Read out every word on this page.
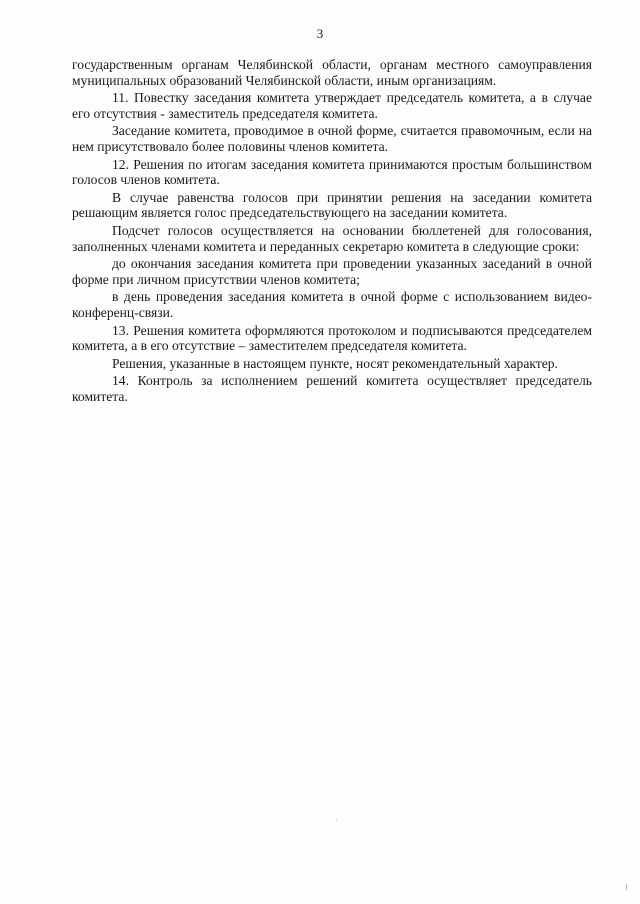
3

государственным органам Челябинской области, органам местного самоуправления муниципальных образований Челябинской области, иным организациям.

11. Повестку заседания комитета утверждает председатель комитета, а в случае его отсутствия - заместитель председателя комитета.

Заседание комитета, проводимое в очной форме, считается правомочным, если на нем присутствовало более половины членов комитета.

12. Решения по итогам заседания комитета принимаются простым большинством голосов членов комитета.

В случае равенства голосов при принятии решения на заседании комитета решающим является голос председательствующего на заседании комитета.

Подсчет голосов осуществляется на основании бюллетеней для голосования, заполненных членами комитета и переданных секретарю комитета в следующие сроки:

до окончания заседания комитета при проведении указанных заседаний в очной форме при личном присутствии членов комитета;

в день проведения заседания комитета в очной форме с использованием видео-конференц-связи.

13. Решения комитета оформляются протоколом и подписываются председателем комитета, а в его отсутствие – заместителем председателя комитета.

Решения, указанные в настоящем пункте, носят рекомендательный характер.

14. Контроль за исполнением решений комитета осуществляет председатель комитета.
